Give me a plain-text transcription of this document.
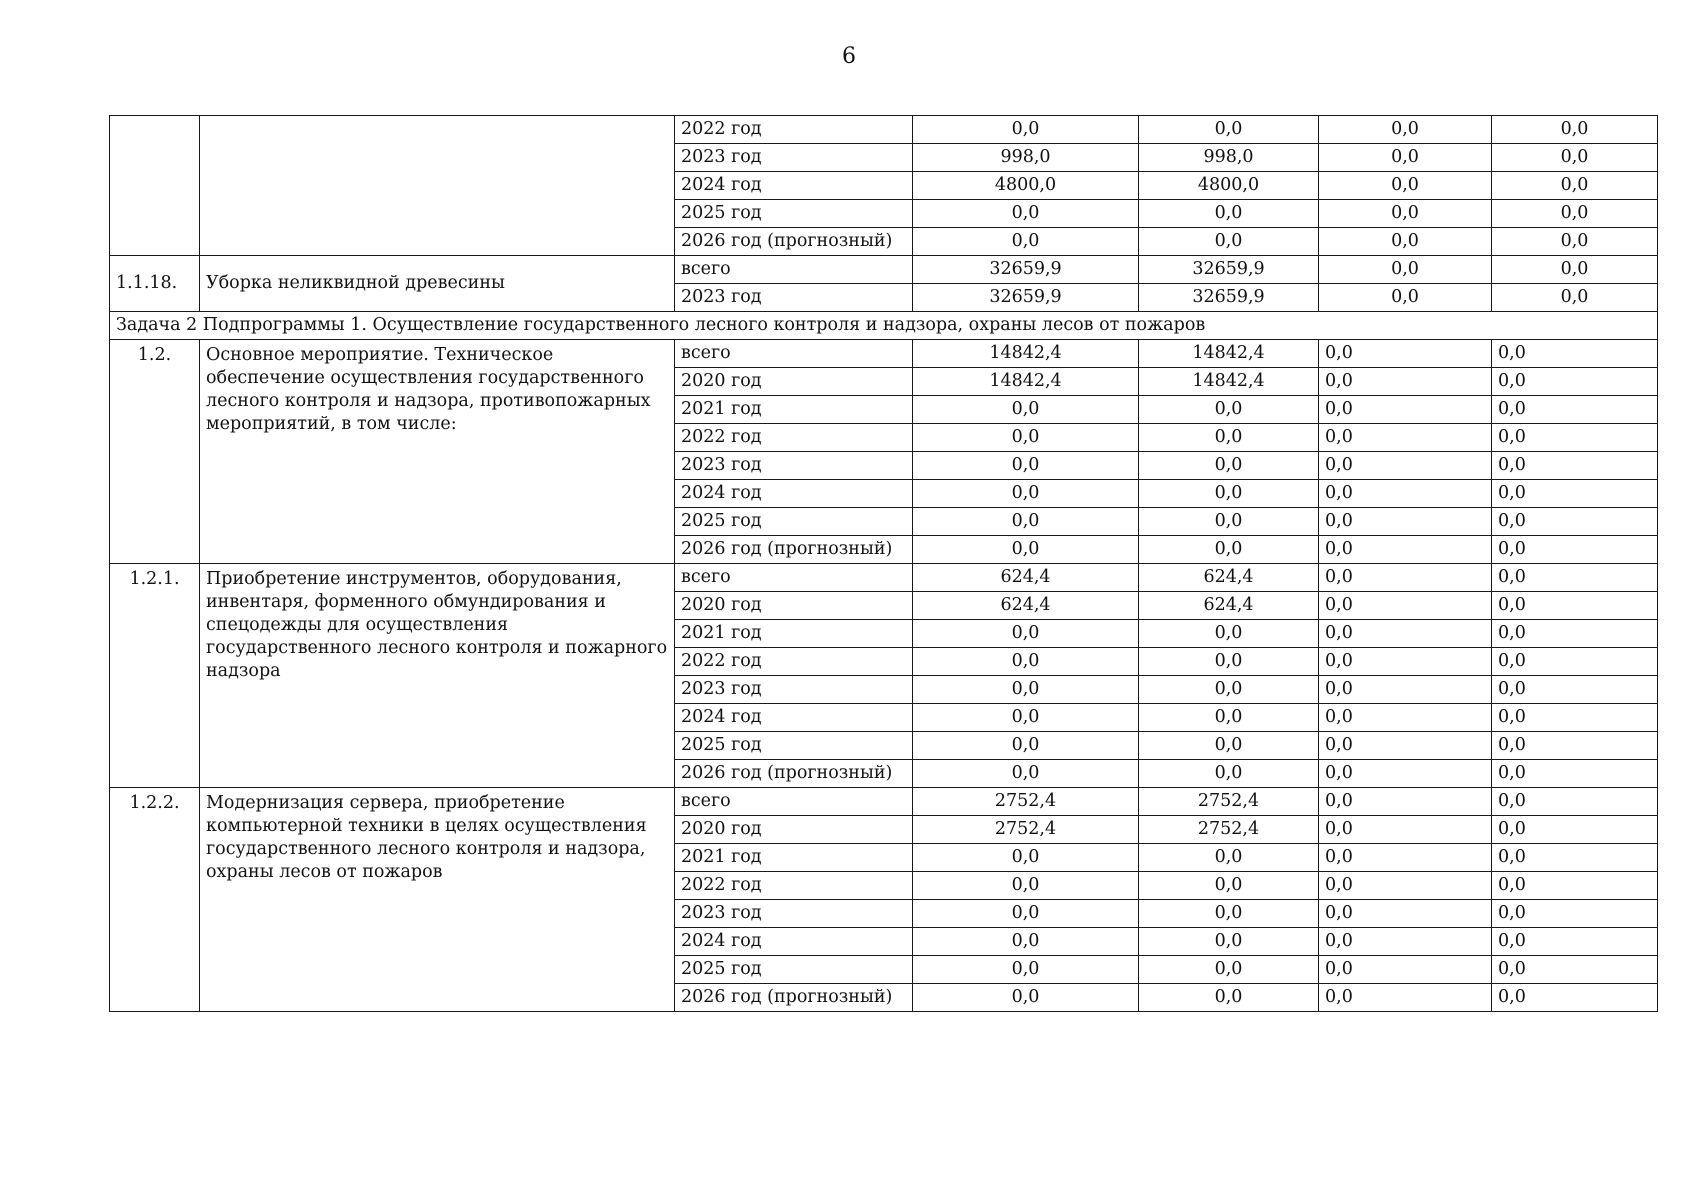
6
		2022 год	0,0	0,0	0,0	0,0
		2023 год	998,0	998,0	0,0	0,0
		2024 год	4800,0	4800,0	0,0	0,0
		2025 год	0,0	0,0	0,0	0,0
		2026 год (прогнозный)	0,0	0,0	0,0	0,0
1.1.18.	Уборка неликвидной древесины	всего	32659,9	32659,9	0,0	0,0
		2023 год	32659,9	32659,9	0,0	0,0
Задача 2 Подпрограммы 1. Осуществление государственного лесного контроля и надзора, охраны лесов от пожаров						
1.2.	Основное мероприятие. Техническое обеспечение осуществления государственного лесного контроля и надзора, противопожарных мероприятий, в том числе:	всего	14842,4	14842,4	0,0	0,0
		2020 год	14842,4	14842,4	0,0	0,0
		2021 год	0,0	0,0	0,0	0,0
		2022 год	0,0	0,0	0,0	0,0
		2023 год	0,0	0,0	0,0	0,0
		2024 год	0,0	0,0	0,0	0,0
		2025 год	0,0	0,0	0,0	0,0
		2026 год (прогнозный)	0,0	0,0	0,0	0,0
1.2.1.	Приобретение инструментов, оборудования, инвентаря, форменного обмундирования и спецодежды для осуществления государственного лесного контроля и пожарного надзора	всего	624,4	624,4	0,0	0,0
		2020 год	624,4	624,4	0,0	0,0
		2021 год	0,0	0,0	0,0	0,0
		2022 год	0,0	0,0	0,0	0,0
		2023 год	0,0	0,0	0,0	0,0
		2024 год	0,0	0,0	0,0	0,0
		2025 год	0,0	0,0	0,0	0,0
		2026 год (прогнозный)	0,0	0,0	0,0	0,0
1.2.2.	Модернизация сервера, приобретение компьютерной техники в целях осуществления государственного лесного контроля и надзора, охраны лесов от пожаров	всего	2752,4	2752,4	0,0	0,0
		2020 год	2752,4	2752,4	0,0	0,0
		2021 год	0,0	0,0	0,0	0,0
		2022 год	0,0	0,0	0,0	0,0
		2023 год	0,0	0,0	0,0	0,0
		2024 год	0,0	0,0	0,0	0,0
		2025 год	0,0	0,0	0,0	0,0
		2026 год (прогнозный)	0,0	0,0	0,0	0,0
